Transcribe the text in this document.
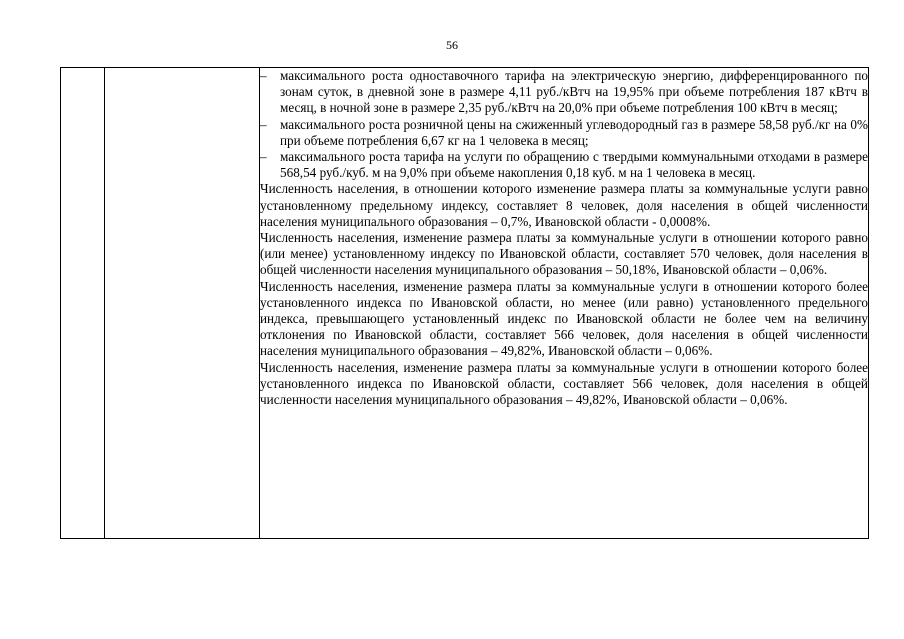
56

–	максимального роста одноставочного тарифа на электрическую энергию, дифференцированного по зонам суток, в дневной зоне в размере 4,11 руб./кВтч на 19,95% при объеме потребления 187 кВтч в месяц, в ночной зоне в размере 2,35 руб./кВтч на 20,0% при объеме потребления 100 кВтч в месяц;
–	максимального роста розничной цены на сжиженный углеводородный газ в размере 58,58 руб./кг на 0% при объеме потребления 6,67 кг на 1 человека в месяц;
–	максимального роста тарифа на услуги по обращению с твердыми коммунальными отходами в размере 568,54 руб./куб. м на 9,0% при объеме накопления 0,18 куб. м на 1 человека в месяц.

Численность населения, в отношении которого изменение размера платы за коммунальные услуги равно установленному предельному индексу, составляет 8 человек, доля населения в общей численности населения муниципального образования – 0,7%, Ивановской области - 0,0008%.

Численность населения, изменение размера платы за коммунальные услуги в отношении которого равно (или менее) установленному индексу по Ивановской области, составляет 570 человек, доля населения в общей численности населения муниципального образования – 50,18%, Ивановской области – 0,06%.

Численность населения, изменение размера платы за коммунальные услуги в отношении которого более установленного индекса по Ивановской области, но менее (или равно) установленного предельного индекса, превышающего установленный индекс по Ивановской области не более чем на величину отклонения по Ивановской области, составляет 566 человек, доля населения в общей численности населения муниципального образования – 49,82%, Ивановской области – 0,06%.

Численность населения, изменение размера платы за коммунальные услуги в отношении которого более установленного индекса по Ивановской области, составляет 566 человек, доля населения в общей численности населения муниципального образования – 49,82%, Ивановской области – 0,06%.
